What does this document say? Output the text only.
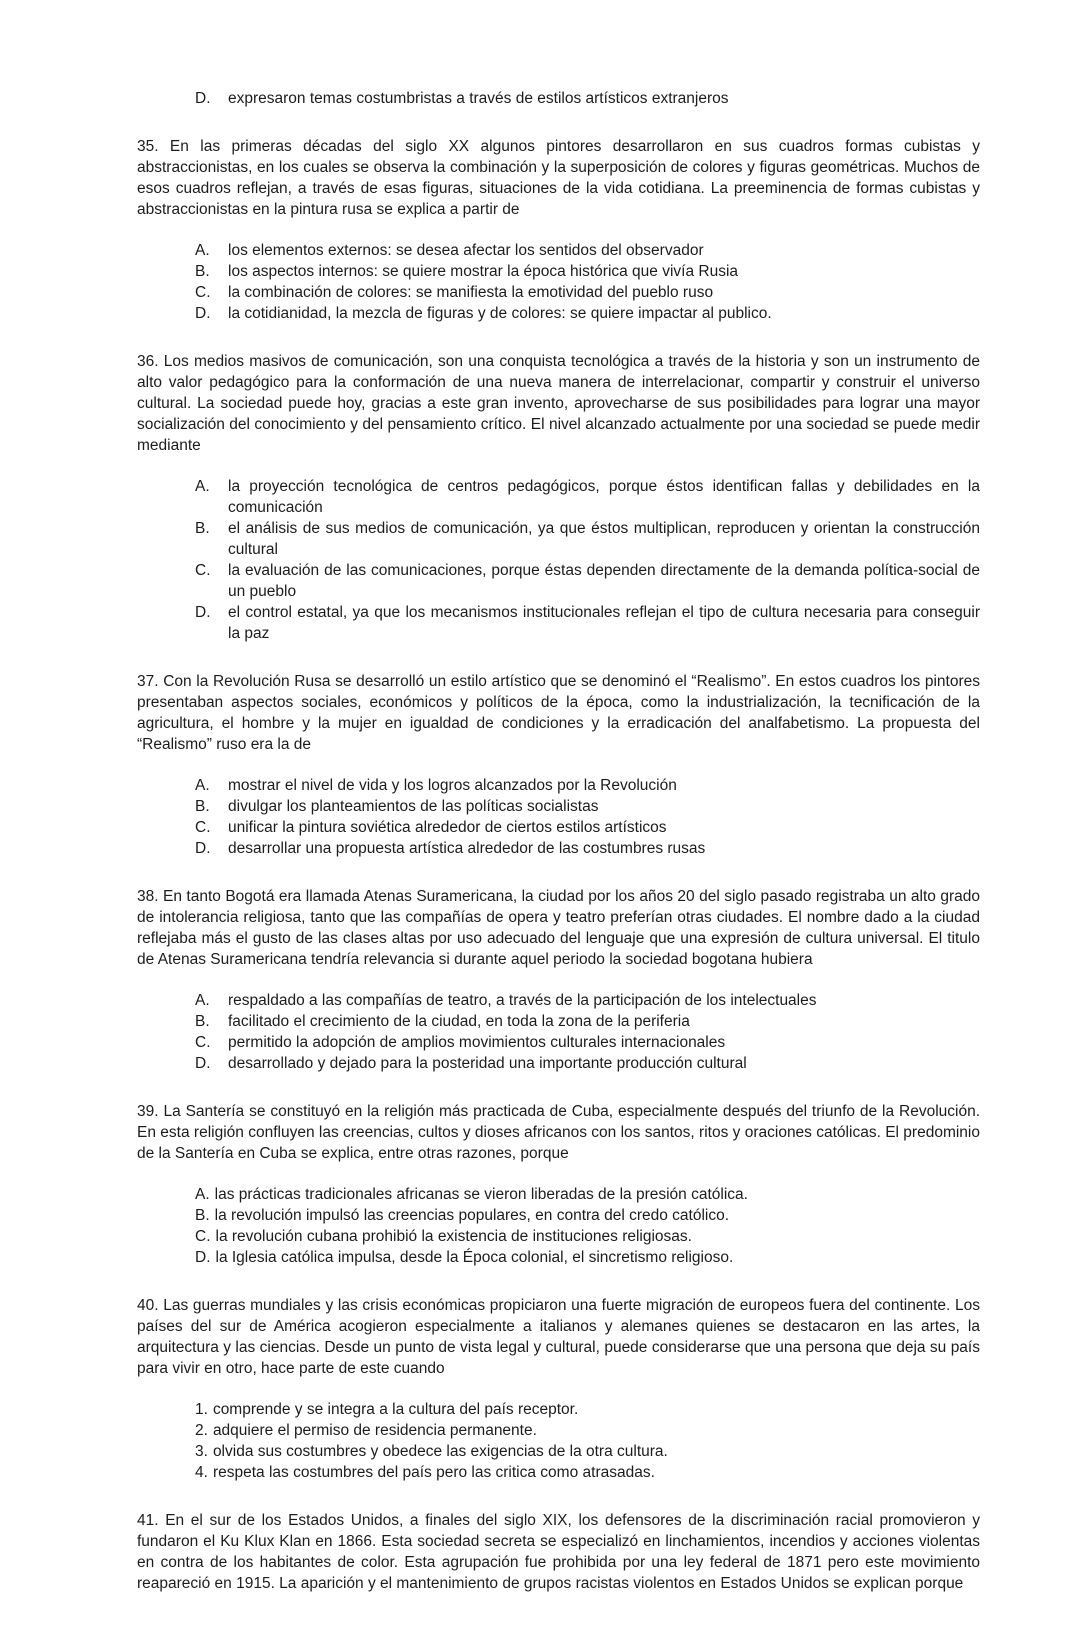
D.	expresaron temas costumbristas a través de estilos artísticos extranjeros

35. En las primeras décadas del siglo XX algunos pintores desarrollaron en sus cuadros formas cubistas y abstraccionistas, en los cuales se observa la combinación y la superposición de colores y figuras geométricas. Muchos de esos cuadros reflejan, a través de esas figuras, situaciones de la vida cotidiana. La preeminencia de formas cubistas y abstraccionistas en la pintura rusa se explica a partir de

A.	los elementos externos: se desea afectar los sentidos del observador
B.	los aspectos internos: se quiere mostrar la época histórica que vivía Rusia
C.	la combinación de colores: se manifiesta la emotividad del pueblo ruso
D.	la cotidianidad, la mezcla de figuras y de colores: se quiere impactar al publico.

36. Los medios masivos de comunicación, son una conquista tecnológica a través de la historia y son un instrumento de alto valor pedagógico para la conformación de una nueva manera de interrelacionar, compartir y construir el universo cultural. La sociedad puede hoy, gracias a este gran invento, aprovecharse de sus posibilidades para lograr una mayor socialización del conocimiento y del pensamiento crítico. El nivel alcanzado actualmente por una sociedad se puede medir mediante

A.	la proyección tecnológica de centros pedagógicos, porque éstos identifican fallas y debilidades en la comunicación
B.	el análisis de sus medios de comunicación, ya que éstos multiplican, reproducen y orientan la construcción cultural
C.	la evaluación de las comunicaciones, porque éstas dependen directamente de la demanda política-social de un pueblo
D.	el control estatal, ya que los mecanismos institucionales reflejan el tipo de cultura necesaria para conseguir la paz

37. Con la Revolución Rusa se desarrolló un estilo artístico que se denominó el “Realismo”. En estos cuadros los pintores presentaban aspectos sociales, económicos y políticos de la época, como la industrialización, la tecnificación de la agricultura, el hombre y la mujer en igualdad de condiciones y la erradicación del analfabetismo. La propuesta del “Realismo” ruso era la de

A.	mostrar el nivel de vida y los logros alcanzados por la Revolución
B.	divulgar los planteamientos de las políticas socialistas
C.	unificar la pintura soviética alrededor de ciertos estilos artísticos
D.	desarrollar una propuesta artística alrededor de las costumbres rusas

38. En tanto Bogotá era llamada Atenas Suramericana, la ciudad por los años 20 del siglo pasado registraba un alto grado de intolerancia religiosa, tanto que las compañías de opera y teatro preferían otras ciudades. El nombre dado a la ciudad reflejaba más el gusto de las clases altas por uso adecuado del lenguaje que una expresión de cultura universal. El titulo de Atenas Suramericana tendría relevancia si durante aquel periodo la sociedad bogotana hubiera

A.	respaldado a las compañías de teatro, a través de la participación de los intelectuales
B.	facilitado el crecimiento de la ciudad, en toda la zona de la periferia
C.	permitido la adopción de amplios movimientos culturales internacionales
D.	desarrollado y dejado para la posteridad una importante producción cultural

39. La Santería se constituyó en la religión más practicada de Cuba, especialmente después del triunfo de la Revolución. En esta religión confluyen las creencias, cultos y dioses africanos con los santos, ritos y oraciones católicas. El predominio de la Santería en Cuba se explica, entre otras razones, porque

A. las prácticas tradicionales africanas se vieron liberadas de la presión católica.
B. la revolución impulsó las creencias populares, en contra del credo católico.
C. la revolución cubana prohibió la existencia de instituciones religiosas.
D. la Iglesia católica impulsa, desde la Época colonial, el sincretismo religioso.

40. Las guerras mundiales y las crisis económicas propiciaron una fuerte migración de europeos fuera del continente. Los países del sur de América acogieron especialmente a italianos y alemanes quienes se destacaron en las artes, la arquitectura y las ciencias. Desde un punto de vista legal y cultural, puede considerarse que una persona que deja su país para vivir en otro, hace parte de este cuando

1. comprende y se integra a la cultura del país receptor.
2. adquiere el permiso de residencia permanente.
3. olvida sus costumbres y obedece las exigencias de la otra cultura.
4. respeta las costumbres del país pero las critica como atrasadas.

41. En el sur de los Estados Unidos, a finales del siglo XIX, los defensores de la discriminación racial promovieron y fundaron el Ku Klux Klan en 1866. Esta sociedad secreta se especializó en linchamientos, incendios y acciones violentas en contra de los habitantes de color. Esta agrupación fue prohibida por una ley federal de 1871 pero este movimiento reapareció en 1915. La aparición y el mantenimiento de grupos racistas violentos en Estados Unidos se explican porque
